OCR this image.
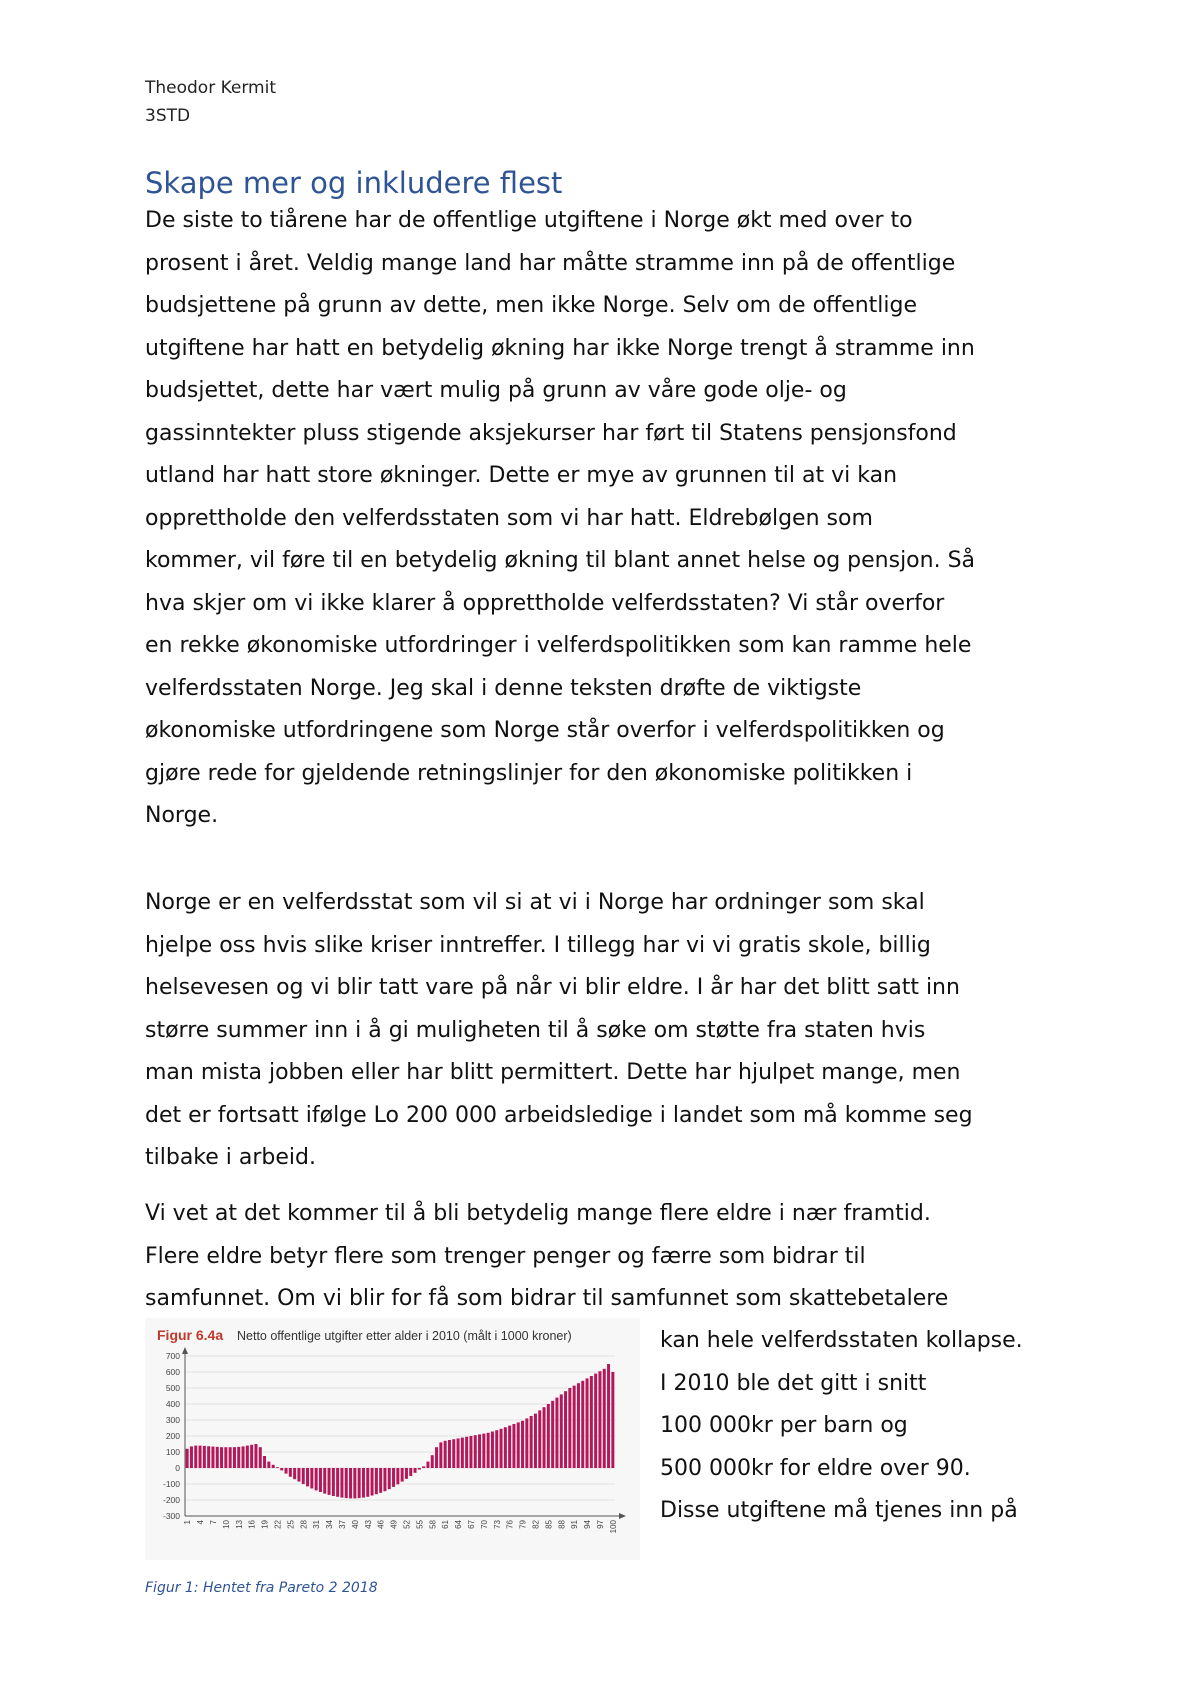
Theodor Kermit
3STD
Skape mer og inkludere flest
De siste to tiårene har de offentlige utgiftene i Norge økt med over to
prosent i året. Veldig mange land har måtte stramme inn på de offentlige
budsjettene på grunn av dette, men ikke Norge. Selv om de offentlige
utgiftene har hatt en betydelig økning har ikke Norge trengt å stramme inn
budsjettet, dette har vært mulig på grunn av våre gode olje- og
gassinntekter pluss stigende aksjekurser har ført til Statens pensjonsfond
utland har hatt store økninger. Dette er mye av grunnen til at vi kan
opprettholde den velferdsstaten som vi har hatt. Eldrebølgen som
kommer, vil føre til en betydelig økning til blant annet helse og pensjon. Så
hva skjer om vi ikke klarer å opprettholde velferdsstaten? Vi står overfor
en rekke økonomiske utfordringer i velferdspolitikken som kan ramme hele
velferdsstaten Norge. Jeg skal i denne teksten drøfte de viktigste
økonomiske utfordringene som Norge står overfor i velferdspolitikken og
gjøre rede for gjeldende retningslinjer for den økonomiske politikken i
Norge.
Norge er en velferdsstat som vil si at vi i Norge har ordninger som skal
hjelpe oss hvis slike kriser inntreffer. I tillegg har vi vi gratis skole, billig
helsevesen og vi blir tatt vare på når vi blir eldre. I år har det blitt satt inn
større summer inn i å gi muligheten til å søke om støtte fra staten hvis
man mista jobben eller har blitt permittert. Dette har hjulpet mange, men
det er fortsatt ifølge Lo 200 000 arbeidsledige i landet som må komme seg
tilbake i arbeid.
Vi vet at det kommer til å bli betydelig mange flere eldre i nær framtid.
Flere eldre betyr flere som trenger penger og færre som bidrar til
samfunnet. Om vi blir for få som bidrar til samfunnet som skattebetalere
kan hele velferdsstaten kollapse.
I 2010 ble det gitt i snitt
100 000kr per barn og
500 000kr for eldre over 90.
Disse utgiftene må tjenes inn på
Figur 6.4a Netto offentlige utgifter etter alder i 2010 (målt i 1000 kroner)
700
600
500
400
300
200
100
0
-100
-200
-300
1 4 7 10 13 16 19 22 25 28 31 34 37 40 43 46 49 52 55 58 61 64 67 70 73 76 79 82 85 88 91 94 97 100
Figur 1: Hentet fra Pareto 2 2018
